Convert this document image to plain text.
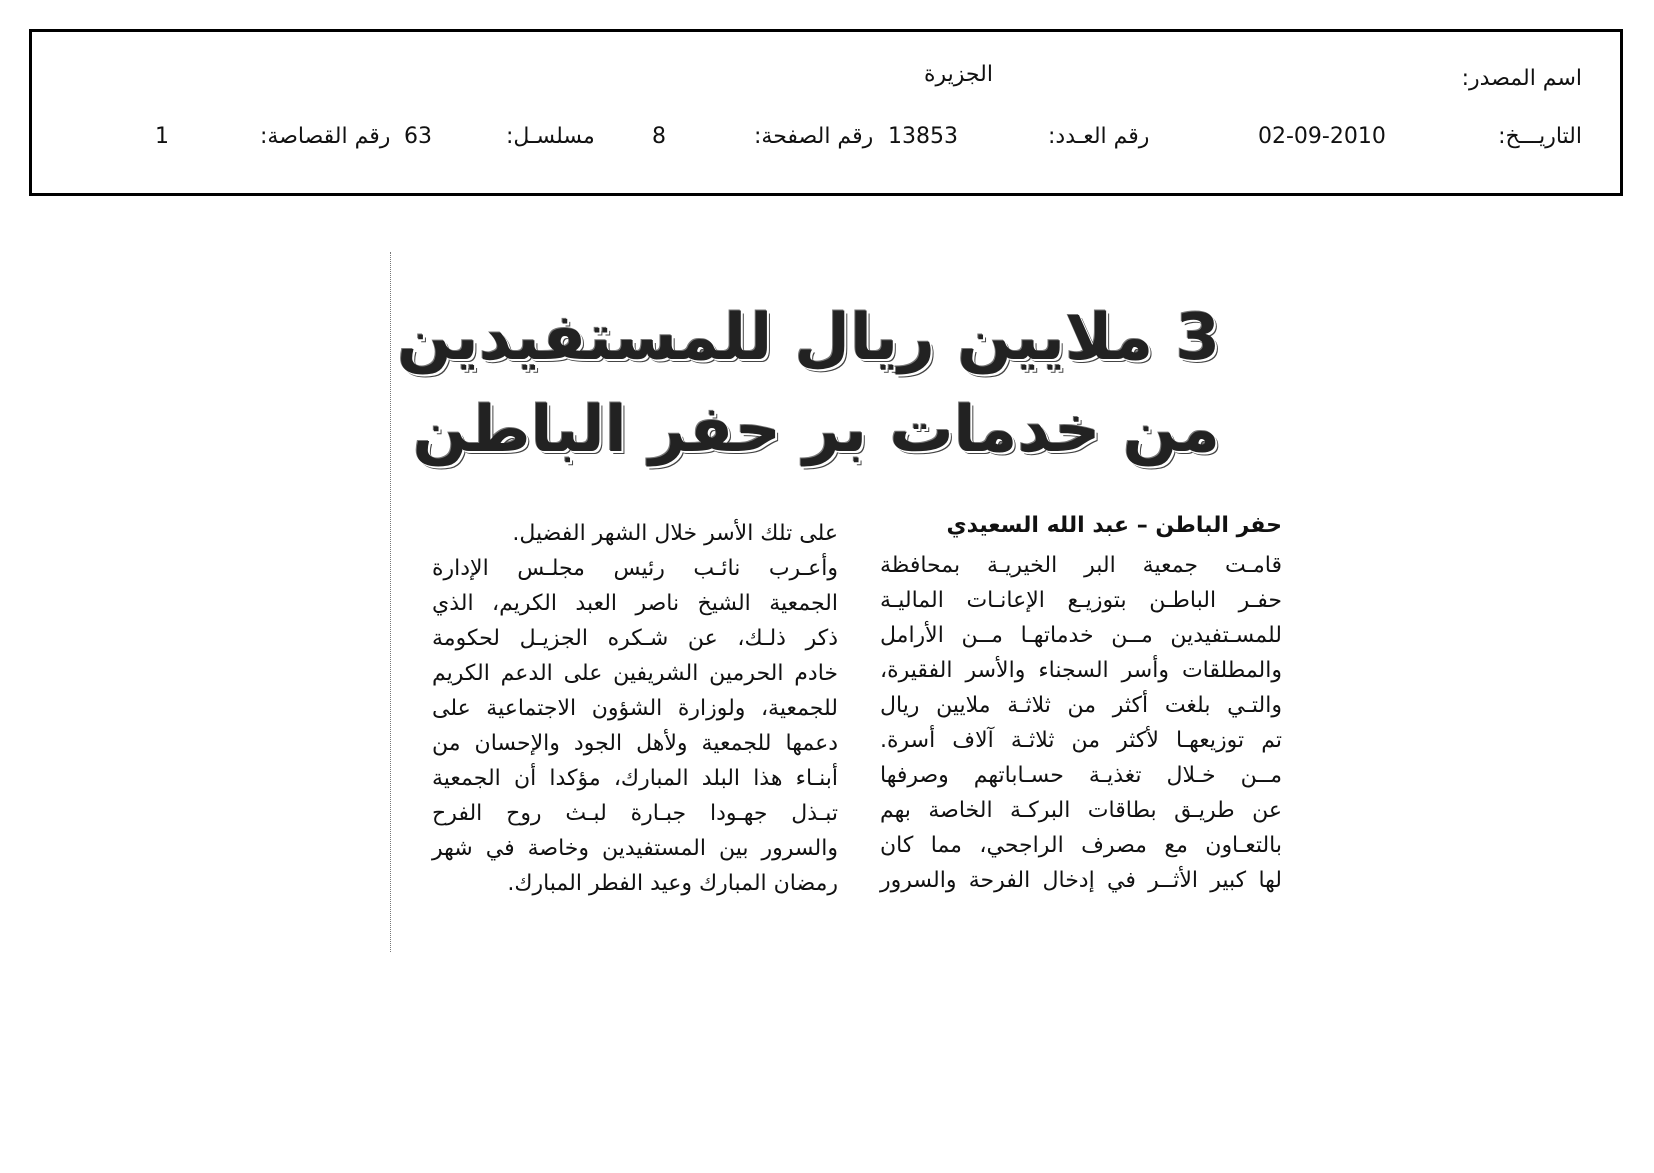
اسم المصدر:
الجزيرة
التاريـــخ:
02-09-2010
رقم العـدد:
13853
رقم الصفحة:
8
مسلسـل:
63
رقم القصاصة:
1
3 ملايين ريال للمستفيدين
من خدمات بر حفر الباطن
حفر الباطن – عبد الله السعيدي
قامـت جمعية البر الخيريـة بمحافظة
حفـر الباطـن بتوزيـع الإعانـات الماليـة
للمسـتفيدين مــن خدماتهـا مــن الأرامل
والمطلقات وأسر السجناء والأسر الفقيرة،
والتـي بلغت أكثر من ثلاثـة ملايين ريال
تم توزيعهـا لأكثر من ثلاثـة آلاف أسرة.
مــن خـلال تغذيـة حسـاباتهم وصرفها
عن طريـق بطاقات البركـة الخاصة بهم
بالتعـاون مع مصرف الراجحي، مما كان
لها كبير الأثــر في إدخال الفرحة والسرور
على تلك الأسر خلال الشهر الفضيل.
وأعـرب نائـب رئيس مجلـس الإدارة
الجمعية الشيخ ناصر العبد الكريم، الذي
ذكر ذلـك، عن شـكره الجزيـل لحكومة
خادم الحرمين الشريفين على الدعم الكريم
للجمعية، ولوزارة الشؤون الاجتماعية على
دعمها للجمعية ولأهل الجود والإحسان من
أبنـاء هذا البلد المبارك، مؤكدا أن الجمعية
تبـذل جهـودا جبـارة لبـث روح الفرح
والسرور بين المستفيدين وخاصة في شهر
رمضان المبارك وعيد الفطر المبارك.
